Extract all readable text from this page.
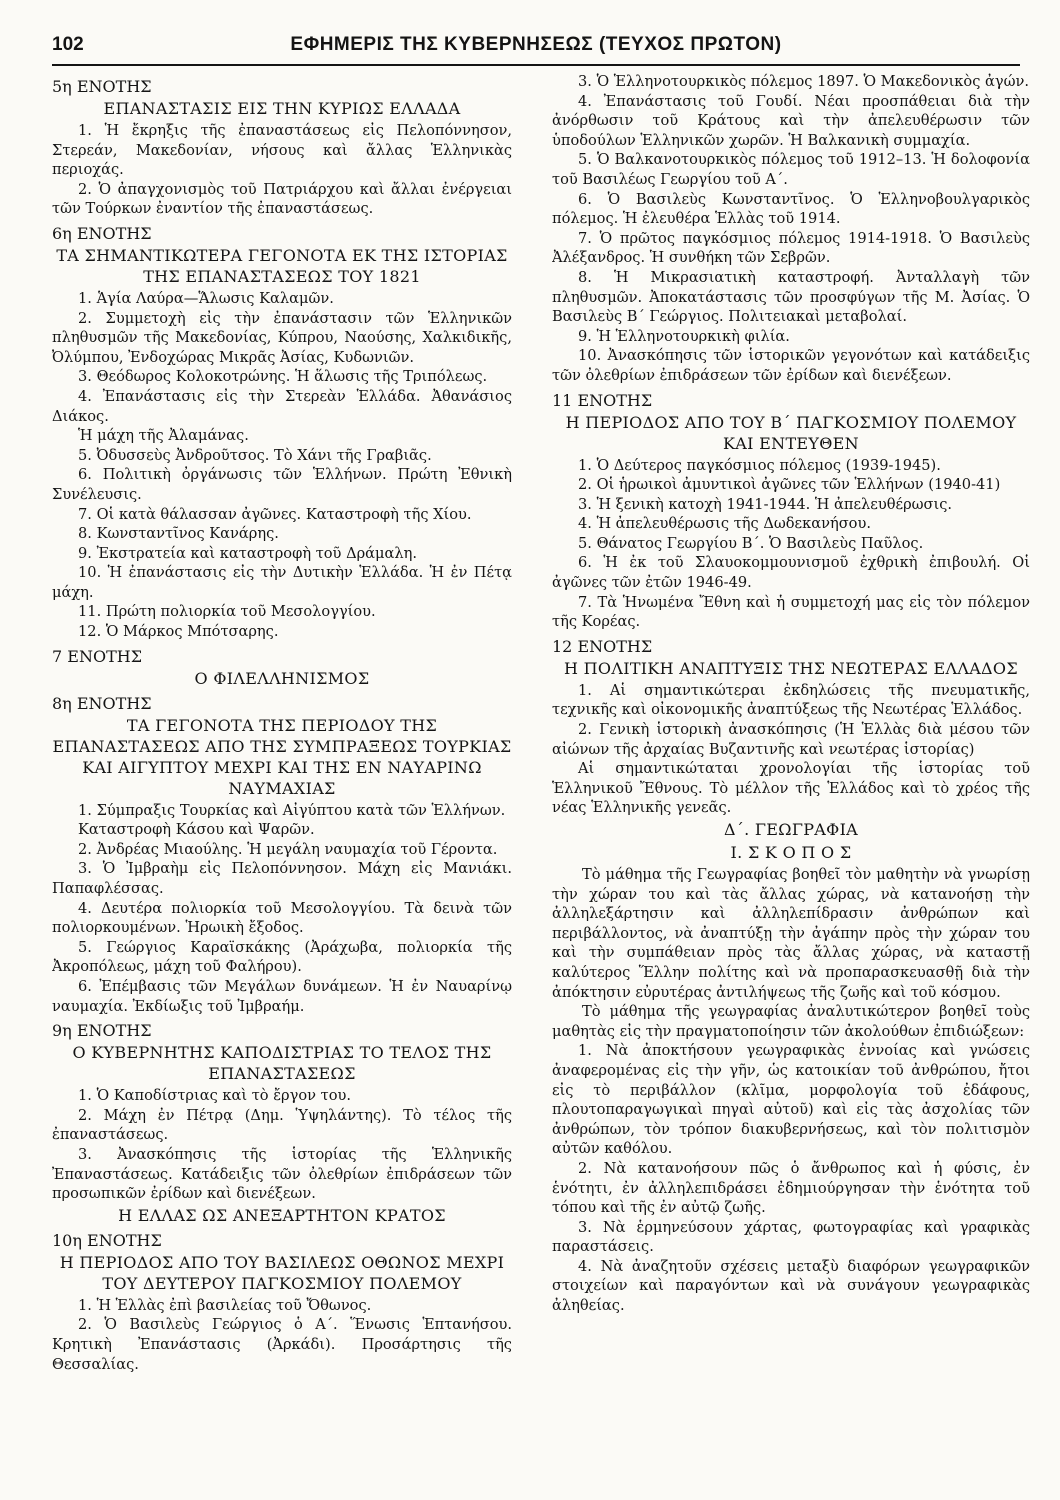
102	ΕΦΗΜΕΡΙΣ ΤΗΣ ΚΥΒΕΡΝΗΣΕΩΣ (ΤΕΥΧΟΣ ΠΡΩΤΟΝ)

5η ΕΝΟΤΗΣ

ΕΠΑΝΑΣΤΑΣΙΣ ΕΙΣ ΤΗΝ ΚΥΡΙΩΣ ΕΛΛΑΔΑ

1. Ἡ ἔκρηξις τῆς ἐπαναστάσεως εἰς Πελοπόννησον, Στερεάν, Μακεδονίαν, νήσους καὶ ἄλλας Ἑλληνικὰς περιοχάς.

2. Ὁ ἀπαγχονισμὸς τοῦ Πατριάρχου καὶ ἄλλαι ἐνέργειαι τῶν Τούρκων ἐναντίον τῆς ἐπαναστάσεως.

6η ΕΝΟΤΗΣ

ΤΑ ΣΗΜΑΝΤΙΚΩΤΕΡΑ ΓΕΓΟΝΟΤΑ ΕΚ ΤΗΣ ΙΣΤΟΡΙΑΣ ΤΗΣ ΕΠΑΝΑΣΤΑΣΕΩΣ ΤΟΥ 1821

1. Ἁγία Λαύρα—Ἅλωσις Καλαμῶν.

2. Συμμετοχὴ εἰς τὴν ἐπανάστασιν τῶν Ἑλληνικῶν πληθυσμῶν τῆς Μακεδονίας, Κύπρου, Ναούσης, Χαλκιδικῆς, Ὀλύμπου, Ἐνδοχώρας Μικρᾶς Ἀσίας, Κυδωνιῶν.

3. Θεόδωρος Κολοκοτρώνης. Ἡ ἅλωσις τῆς Τριπόλεως.

4. Ἐπανάστασις εἰς τὴν Στερεὰν Ἑλλάδα. Ἀθανάσιος Διάκος.

Ἡ μάχη τῆς Ἀλαμάνας.

5. Ὀδυσσεὺς Ἀνδροῦτσος. Τὸ Χάνι τῆς Γραβιᾶς.

6. Πολιτικὴ ὀργάνωσις τῶν Ἑλλήνων. Πρώτη Ἐθνικὴ Συνέλευσις.

7. Οἱ κατὰ θάλασσαν ἀγῶνες. Καταστροφὴ τῆς Χίου.

8. Κωνσταντῖνος Κανάρης.

9. Ἐκστρατεία καὶ καταστροφὴ τοῦ Δράμαλη.

10. Ἡ ἐπανάστασις εἰς τὴν Δυτικὴν Ἑλλάδα. Ἡ ἐν Πέτᾳ μάχη.

11. Πρώτη πολιορκία τοῦ Μεσολογγίου.

12. Ὁ Μάρκος Μπότσαρης.

7 ΕΝΟΤΗΣ

Ο ΦΙΛΕΛΛΗΝΙΣΜΟΣ

8η ΕΝΟΤΗΣ

ΤΑ ΓΕΓΟΝΟΤΑ ΤΗΣ ΠΕΡΙΟΔΟΥ ΤΗΣ ΕΠΑΝΑΣΤΑΣΕΩΣ ΑΠΟ ΤΗΣ ΣΥΜΠΡΑΞΕΩΣ ΤΟΥΡΚΙΑΣ ΚΑΙ ΑΙΓΥΠΤΟΥ ΜΕΧΡΙ ΚΑΙ ΤΗΣ ΕΝ ΝΑΥΑΡΙΝΩ ΝΑΥΜΑΧΙΑΣ

1. Σύμπραξις Τουρκίας καὶ Αἰγύπτου κατὰ τῶν Ἑλλήνων.

Καταστροφὴ Κάσου καὶ Ψαρῶν.

2. Ἀνδρέας Μιαούλης. Ἡ μεγάλη ναυμαχία τοῦ Γέροντα.

3. Ὁ Ἰμβραὴμ εἰς Πελοπόννησον. Μάχη εἰς Μανιάκι. Παπαφλέσσας.

4. Δευτέρα πολιορκία τοῦ Μεσολογγίου. Τὰ δεινὰ τῶν πολιορκουμένων. Ἡρωικὴ ἔξοδος.

5. Γεώργιος Καραϊσκάκης (Ἀράχωβα, πολιορκία τῆς Ἀκροπόλεως, μάχη τοῦ Φαλήρου).

6. Ἐπέμβασις τῶν Μεγάλων δυνάμεων. Ἡ ἐν Ναυαρίνῳ ναυμαχία. Ἐκδίωξις τοῦ Ἰμβραήμ.

9η ΕΝΟΤΗΣ

Ο ΚΥΒΕΡΝΗΤΗΣ ΚΑΠΟΔΙΣΤΡΙΑΣ ΤΟ ΤΕΛΟΣ ΤΗΣ ΕΠΑΝΑΣΤΑΣΕΩΣ

1. Ὁ Καποδίστριας καὶ τὸ ἔργον του.

2. Μάχη ἐν Πέτρᾳ (Δημ. Ὑψηλάντης). Τὸ τέλος τῆς ἐπαναστάσεως.

3. Ἀνασκόπησις τῆς ἱστορίας τῆς Ἑλληνικῆς Ἐπαναστάσεως. Κατάδειξις τῶν ὀλεθρίων ἐπιδράσεων τῶν προσωπικῶν ἐρίδων καὶ διενέξεων.

Η ΕΛΛΑΣ ΩΣ ΑΝΕΞΑΡΤΗΤΟΝ ΚΡΑΤΟΣ

10η ΕΝΟΤΗΣ

Η ΠΕΡΙΟΔΟΣ ΑΠΟ ΤΟΥ ΒΑΣΙΛΕΩΣ ΟΘΩΝΟΣ ΜΕΧΡΙ ΤΟΥ ΔΕΥΤΕΡΟΥ ΠΑΓΚΟΣΜΙΟΥ ΠΟΛΕΜΟΥ

1. Ἡ Ἑλλὰς ἐπὶ βασιλείας τοῦ Ὄθωνος.

2. Ὁ Βασιλεὺς Γεώργιος ὁ Α΄. Ἕνωσις Ἑπτανήσου. Κρητικὴ Ἐπανάστασις (Ἀρκάδι). Προσάρτησις τῆς Θεσσαλίας.

3. Ὁ Ἑλληνοτουρκικὸς πόλεμος 1897. Ὁ Μακεδονικὸς ἀγών.

4. Ἐπανάστασις τοῦ Γουδί. Νέαι προσπάθειαι διὰ τὴν ἀνόρθωσιν τοῦ Κράτους καὶ τὴν ἀπελευθέρωσιν τῶν ὑποδούλων Ἑλληνικῶν χωρῶν. Ἡ Βαλκανικὴ συμμαχία.

5. Ὁ Βαλκανοτουρκικὸς πόλεμος τοῦ 1912–13. Ἡ δολοφονία τοῦ Βασιλέως Γεωργίου τοῦ Α΄.

6. Ὁ Βασιλεὺς Κωνσταντῖνος. Ὁ Ἑλληνοβουλγαρικὸς πόλεμος. Ἡ ἐλευθέρα Ἑλλὰς τοῦ 1914.

7. Ὁ πρῶτος παγκόσμιος πόλεμος 1914-1918. Ὁ Βασιλεὺς Ἀλέξανδρος. Ἡ συνθήκη τῶν Σεβρῶν.

8. Ἡ Μικρασιατικὴ καταστροφή. Ἀνταλλαγὴ τῶν πληθυσμῶν. Ἀποκατάστασις τῶν προσφύγων τῆς Μ. Ἀσίας. Ὁ Βασιλεὺς Β΄ Γεώργιος. Πολιτειακαὶ μεταβολαί.

9. Ἡ Ἑλληνοτουρκικὴ φιλία.

10. Ἀνασκόπησις τῶν ἱστορικῶν γεγονότων καὶ κατάδειξις τῶν ὀλεθρίων ἐπιδράσεων τῶν ἐρίδων καὶ διενέξεων.

11 ΕΝΟΤΗΣ

Η ΠΕΡΙΟΔΟΣ ΑΠΟ ΤΟΥ Β΄ ΠΑΓΚΟΣΜΙΟΥ ΠΟΛΕΜΟΥ ΚΑΙ ΕΝΤΕΥΘΕΝ

1. Ὁ Δεύτερος παγκόσμιος πόλεμος (1939-1945).

2. Οἱ ἡρωικοὶ ἀμυντικοὶ ἀγῶνες τῶν Ἑλλήνων (1940-41)

3. Ἡ ξενικὴ κατοχὴ 1941-1944. Ἡ ἀπελευθέρωσις.

4. Ἡ ἀπελευθέρωσις τῆς Δωδεκανήσου.

5. Θάνατος Γεωργίου Β΄. Ὁ Βασιλεὺς Παῦλος.

6. Ἡ ἐκ τοῦ Σλαυοκομμουνισμοῦ ἐχθρικὴ ἐπιβουλή. Οἱ ἀγῶνες τῶν ἐτῶν 1946-49.

7. Τὰ Ἡνωμένα Ἔθνη καὶ ἡ συμμετοχή μας εἰς τὸν πόλεμον τῆς Κορέας.

12 ΕΝΟΤΗΣ

Η ΠΟΛΙΤΙΚΗ ΑΝΑΠΤΥΞΙΣ ΤΗΣ ΝΕΩΤΕΡΑΣ ΕΛΛΑΔΟΣ

1. Αἱ σημαντικώτεραι ἐκδηλώσεις τῆς πνευματικῆς, τεχνικῆς καὶ οἰκονομικῆς ἀναπτύξεως τῆς Νεωτέρας Ἑλλάδος.

2. Γενικὴ ἱστορικὴ ἀνασκόπησις (Ἡ Ἑλλὰς διὰ μέσου τῶν αἰώνων τῆς ἀρχαίας Βυζαντινῆς καὶ νεωτέρας ἱστορίας)

Αἱ σημαντικώταται χρονολογίαι τῆς ἱστορίας τοῦ Ἑλληνικοῦ Ἔθνους. Τὸ μέλλον τῆς Ἑλλάδος καὶ τὸ χρέος τῆς νέας Ἑλληνικῆς γενεᾶς.

Δ΄. ΓΕΩΓΡΑΦΙΑ

Ι. Σ Κ Ο Π Ο Σ

Τὸ μάθημα τῆς Γεωγραφίας βοηθεῖ τὸν μαθητὴν νὰ γνωρίσῃ τὴν χώραν του καὶ τὰς ἄλλας χώρας, νὰ κατανοήσῃ τὴν ἀλληλεξάρτησιν καὶ ἀλληλεπίδρασιν ἀνθρώπων καὶ περιβάλλοντος, νὰ ἀναπτύξῃ τὴν ἀγάπην πρὸς τὴν χώραν του καὶ τὴν συμπάθειαν πρὸς τὰς ἄλλας χώρας, νὰ καταστῇ καλύτερος Ἕλλην πολίτης καὶ νὰ προπαρασκευασθῇ διὰ τὴν ἀπόκτησιν εὐρυτέρας ἀντιλήψεως τῆς ζωῆς καὶ τοῦ κόσμου.

Τὸ μάθημα τῆς γεωγραφίας ἀναλυτικώτερον βοηθεῖ τοὺς μαθητὰς εἰς τὴν πραγματοποίησιν τῶν ἀκολούθων ἐπιδιώξεων:

1. Νὰ ἀποκτήσουν γεωγραφικὰς ἐννοίας καὶ γνώσεις ἀναφερομένας εἰς τὴν γῆν, ὡς κατοικίαν τοῦ ἀνθρώπου, ἤτοι εἰς τὸ περιβάλλον (κλῖμα, μορφολογία τοῦ ἐδάφους, πλουτοπαραγωγικαὶ πηγαὶ αὐτοῦ) καὶ εἰς τὰς ἀσχολίας τῶν ἀνθρώπων, τὸν τρόπον διακυβερνήσεως, καὶ τὸν πολιτισμὸν αὐτῶν καθόλου.

2. Νὰ κατανοήσουν πῶς ὁ ἄνθρωπος καὶ ἡ φύσις, ἐν ἑνότητι, ἐν ἀλληλεπιδράσει ἐδημιούργησαν τὴν ἑνότητα τοῦ τόπου καὶ τῆς ἐν αὐτῷ ζωῆς.

3. Νὰ ἑρμηνεύσουν χάρτας, φωτογραφίας καὶ γραφικὰς παραστάσεις.

4. Νὰ ἀναζητοῦν σχέσεις μεταξὺ διαφόρων γεωγραφικῶν στοιχείων καὶ παραγόντων καὶ νὰ συνάγουν γεωγραφικὰς ἀληθείας.
